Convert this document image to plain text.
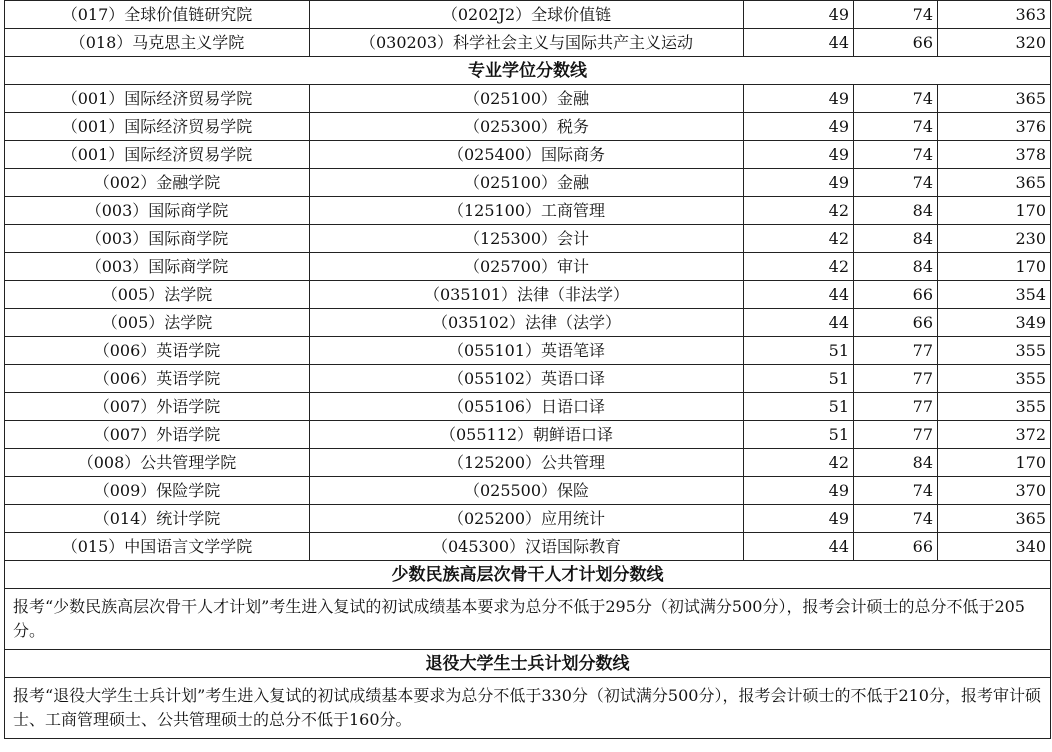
（017）全球价值链研究院	（0202J2）全球价值链	49	74	363
（018）马克思主义学院	（030203）科学社会主义与国际共产主义运动	44	66	320
专业学位分数线				
（001）国际经济贸易学院	（025100）金融	49	74	365
（001）国际经济贸易学院	（025300）税务	49	74	376
（001）国际经济贸易学院	（025400）国际商务	49	74	378
（002）金融学院	（025100）金融	49	74	365
（003）国际商学院	（125100）工商管理	42	84	170
（003）国际商学院	（125300）会计	42	84	230
（003）国际商学院	（025700）审计	42	84	170
（005）法学院	（035101）法律（非法学）	44	66	354
（005）法学院	（035102）法律（法学）	44	66	349
（006）英语学院	（055101）英语笔译	51	77	355
（006）英语学院	（055102）英语口译	51	77	355
（007）外语学院	（055106）日语口译	51	77	355
（007）外语学院	（055112）朝鲜语口译	51	77	372
（008）公共管理学院	（125200）公共管理	42	84	170
（009）保险学院	（025500）保险	49	74	370
（014）统计学院	（025200）应用统计	49	74	365
（015）中国语言文学学院	（045300）汉语国际教育	44	66	340
少数民族高层次骨干人才计划分数线				
报考“少数民族高层次骨干人才计划”考生进入复试的初试成绩基本要求为总分不低于295分（初试满分500分），报考会计硕士的总分不低于205分。				
退役大学生士兵计划分数线				
报考“退役大学生士兵计划”考生进入复试的初试成绩基本要求为总分不低于330分（初试满分500分），报考会计硕士的不低于210分，报考审计硕士、工商管理硕士、公共管理硕士的总分不低于160分。				
